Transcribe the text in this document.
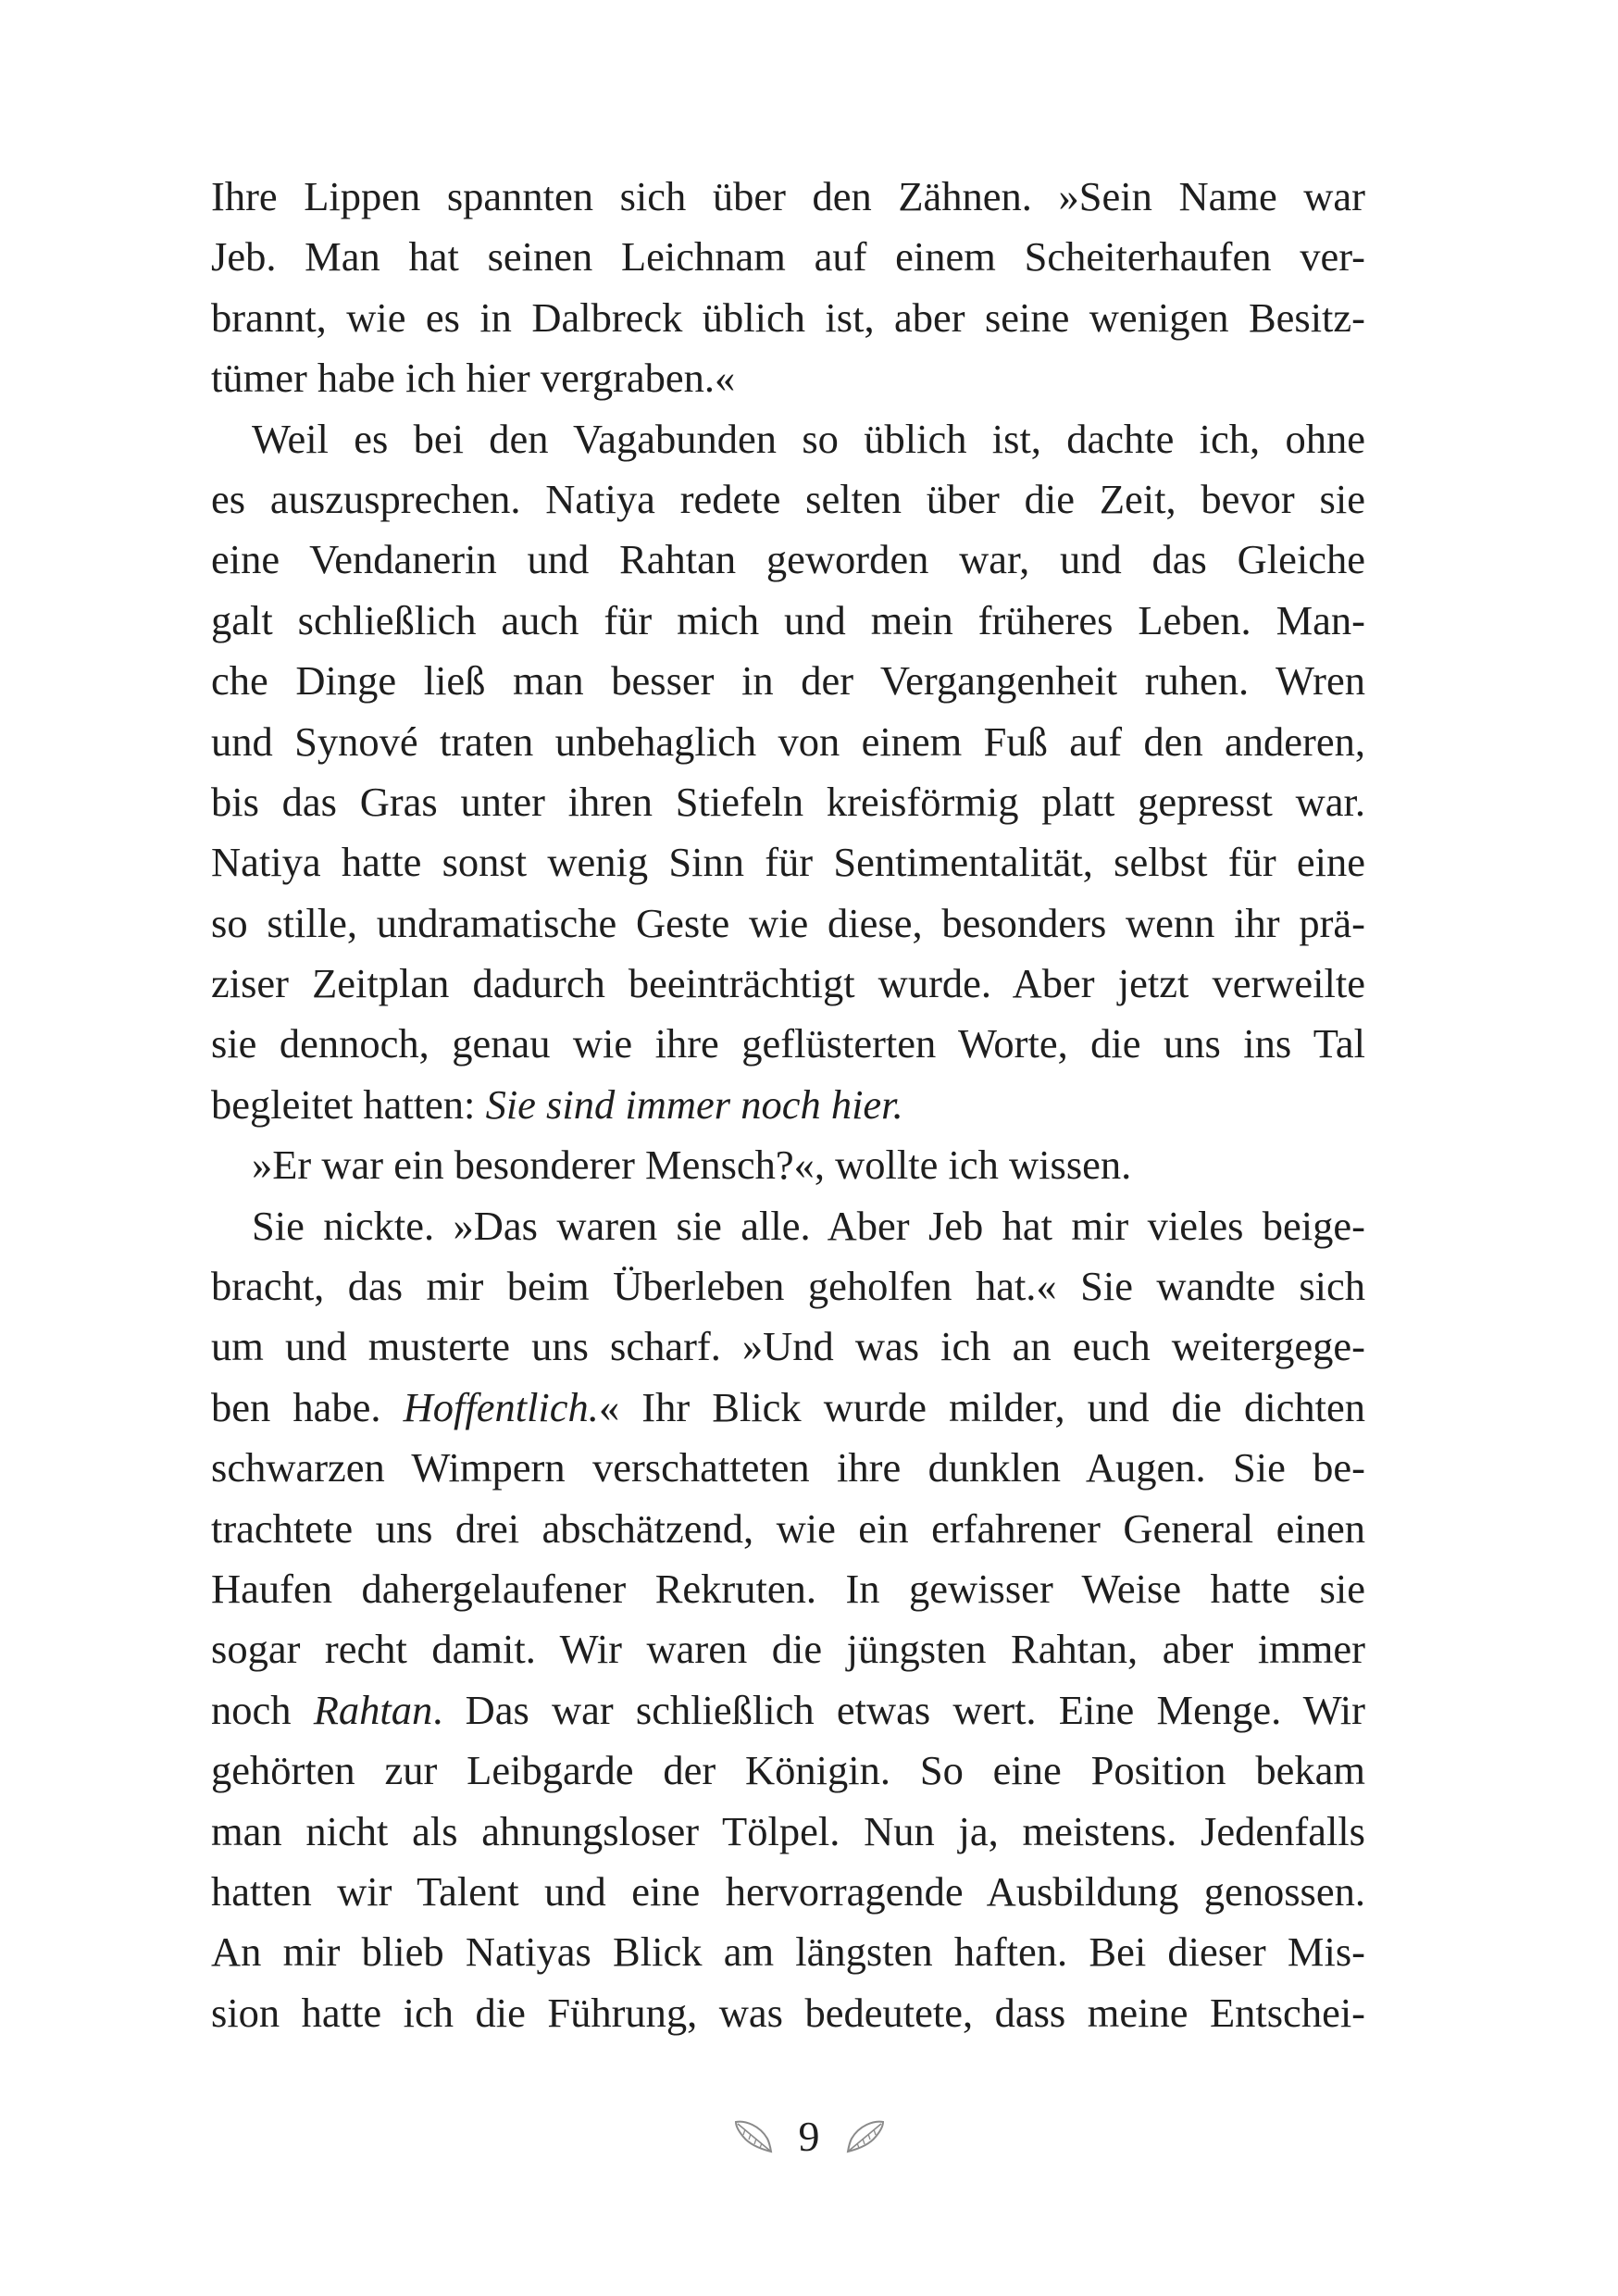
Ihre Lippen spannten sich über den Zähnen. »Sein Name war
Jeb. Man hat seinen Leichnam auf einem Scheiterhaufen ver-
brannt, wie es in Dalbreck üblich ist, aber seine wenigen Besitz-
tümer habe ich hier vergraben.«
Weil es bei den Vagabunden so üblich ist, dachte ich, ohne
es auszusprechen. Natiya redete selten über die Zeit, bevor sie
eine Vendanerin und Rahtan geworden war, und das Gleiche
galt schließlich auch für mich und mein früheres Leben. Man-
che Dinge ließ man besser in der Vergangenheit ruhen. Wren
und Synové traten unbehaglich von einem Fuß auf den anderen,
bis das Gras unter ihren Stiefeln kreisförmig platt gepresst war.
Natiya hatte sonst wenig Sinn für Sentimentalität, selbst für eine
so stille, undramatische Geste wie diese, besonders wenn ihr prä-
ziser Zeitplan dadurch beeinträchtigt wurde. Aber jetzt verweilte
sie dennoch, genau wie ihre geflüsterten Worte, die uns ins Tal
begleitet hatten: Sie sind immer noch hier.
»Er war ein besonderer Mensch?«, wollte ich wissen.
Sie nickte. »Das waren sie alle. Aber Jeb hat mir vieles beige-
bracht, das mir beim Überleben geholfen hat.« Sie wandte sich
um und musterte uns scharf. »Und was ich an euch weitergege-
ben habe. Hoffentlich.« Ihr Blick wurde milder, und die dichten
schwarzen Wimpern verschatteten ihre dunklen Augen. Sie be-
trachtete uns drei abschätzend, wie ein erfahrener General einen
Haufen dahergelaufener Rekruten. In gewisser Weise hatte sie
sogar recht damit. Wir waren die jüngsten Rahtan, aber immer
noch Rahtan. Das war schließlich etwas wert. Eine Menge. Wir
gehörten zur Leibgarde der Königin. So eine Position bekam
man nicht als ahnungsloser Tölpel. Nun ja, meistens. Jedenfalls
hatten wir Talent und eine hervorragende Ausbildung genossen.
An mir blieb Natiyas Blick am längsten haften. Bei dieser Mis-
sion hatte ich die Führung, was bedeutete, dass meine Entschei-
9
